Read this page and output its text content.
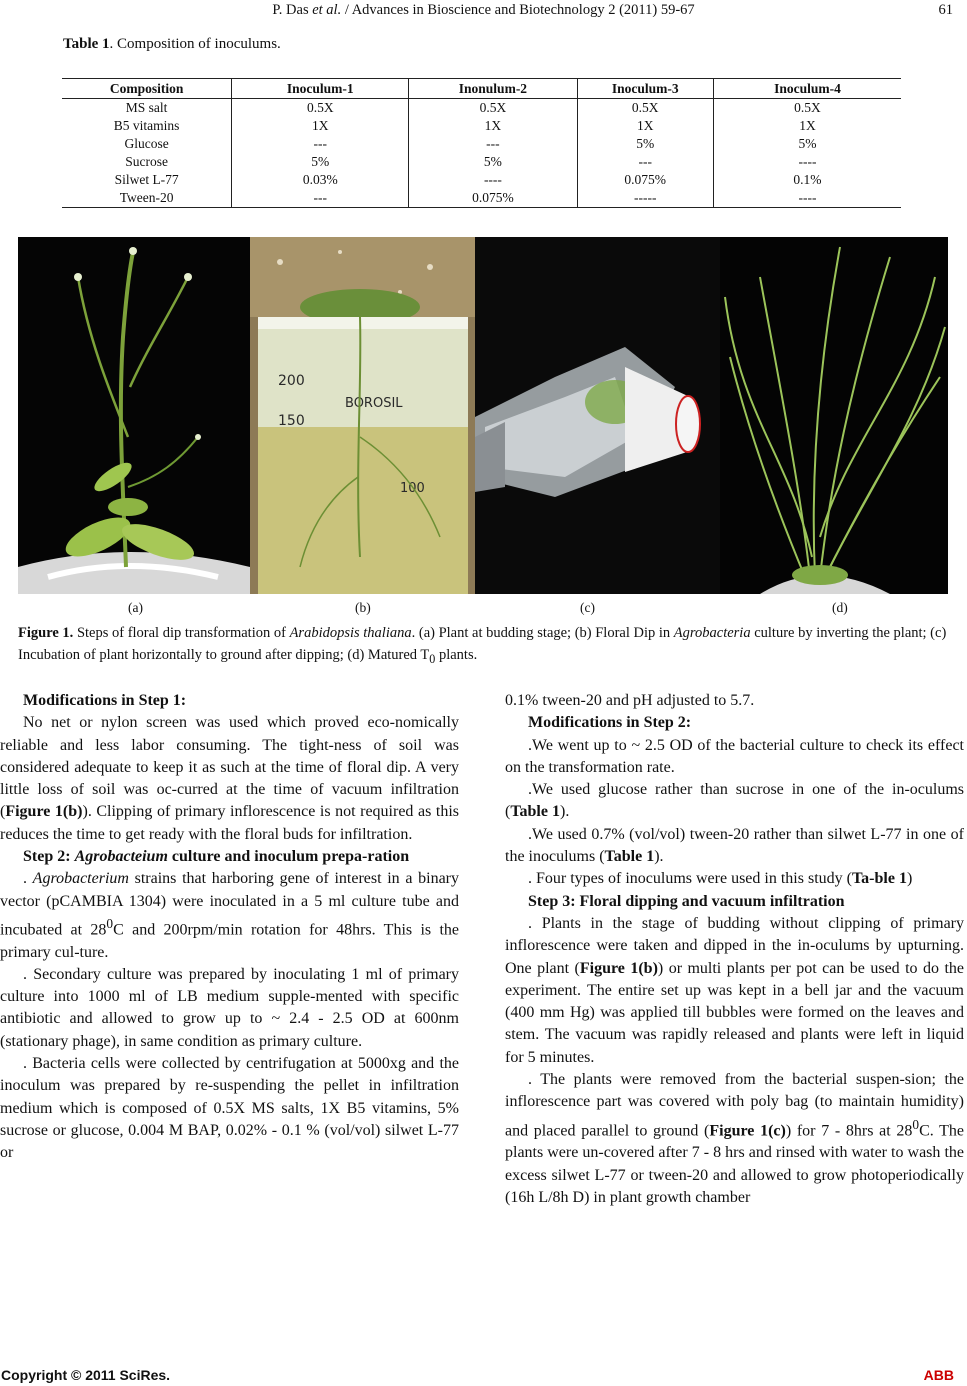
P. Das et al. / Advances in Bioscience and Biotechnology 2 (2011) 59-67	61
Table 1. Composition of inoculums.
Composition	Inoculum-1	Inonulum-2	Inoculum-3	Inoculum-4
MS salt	0.5X	0.5X	0.5X	0.5X
B5 vitamins	1X	1X	1X	1X
Glucose	---	---	5%	5%
Sucrose	5%	5%	---	----
Silwet L-77	0.03%	----	0.075%	0.1%
Tween-20	---	0.075%	-----	----
200
150
BOROSIL
100
(a)	(b)	(c)	(d)
Figure 1. Steps of floral dip transformation of Arabidopsis thaliana. (a) Plant at budding stage; (b) Floral Dip in Agrobacteria culture by inverting the plant; (c) Incubation of plant horizontally to ground after dipping; (d) Matured $T_0$ plants.

Modifications in Step 1:

No net or nylon screen was used which proved eco-nomically reliable and less labor consuming. The tight-ness of soil was considered adequate to keep it as such at the time of floral dip. A very little loss of soil was oc-curred at the time of vacuum infiltration (Figure 1(b)). Clipping of primary inflorescence is not required as this reduces the time to get ready with the floral buds for infiltration.

Step 2: Agrobacteium culture and inoculum prepa-ration

. Agrobacterium strains that harboring gene of interest in a binary vector (pCAMBIA 1304) were inoculated in a 5 ml culture tube and incubated at $28^0C$ and 200rpm/min rotation for 48hrs. This is the primary cul-ture.

. Secondary culture was prepared by inoculating 1 ml of primary culture into 1000 ml of LB medium supple-mented with specific antibiotic and allowed to grow up to ~ 2.4 - 2.5 OD at 600nm (stationary phage), in same condition as primary culture.

. Bacteria cells were collected by centrifugation at 5000xg and the inoculum was prepared by re-suspending the pellet in infiltration medium which is composed of 0.5X MS salts, 1X B5 vitamins, 5% sucrose or glucose, 0.004 M BAP, 0.02% - 0.1 % (vol/vol) silwet L-77 or

0.1% tween-20 and pH adjusted to 5.7.

Modifications in Step 2:

.We went up to ~ 2.5 OD of the bacterial culture to check its effect on the transformation rate.

.We used glucose rather than sucrose in one of the in-oculums (Table 1).

.We used 0.7% (vol/vol) tween-20 rather than silwet L-77 in one of the inoculums (Table 1).

. Four types of inoculums were used in this study (Ta-ble 1)

Step 3: Floral dipping and vacuum infiltration

. Plants in the stage of budding without clipping of primary inflorescence were taken and dipped in the in-oculums by upturning. One plant (Figure 1(b)) or multi plants per pot can be used to do the experiment. The entire set up was kept in a bell jar and the vacuum (400 mm Hg) was applied till bubbles were formed on the leaves and stem. The vacuum was rapidly released and plants were left in liquid for 5 minutes.

. The plants were removed from the bacterial suspen-sion; the inflorescence part was covered with poly bag (to maintain humidity) and placed parallel to ground (Figure 1(c)) for 7 - 8hrs at $28^0C$. The plants were un-covered after 7 - 8 hrs and rinsed with water to wash the excess silwet L-77 or tween-20 and allowed to grow photoperiodically (16h L/8h D) in plant growth chamber

Copyright © 2011 SciRes.	ABB
